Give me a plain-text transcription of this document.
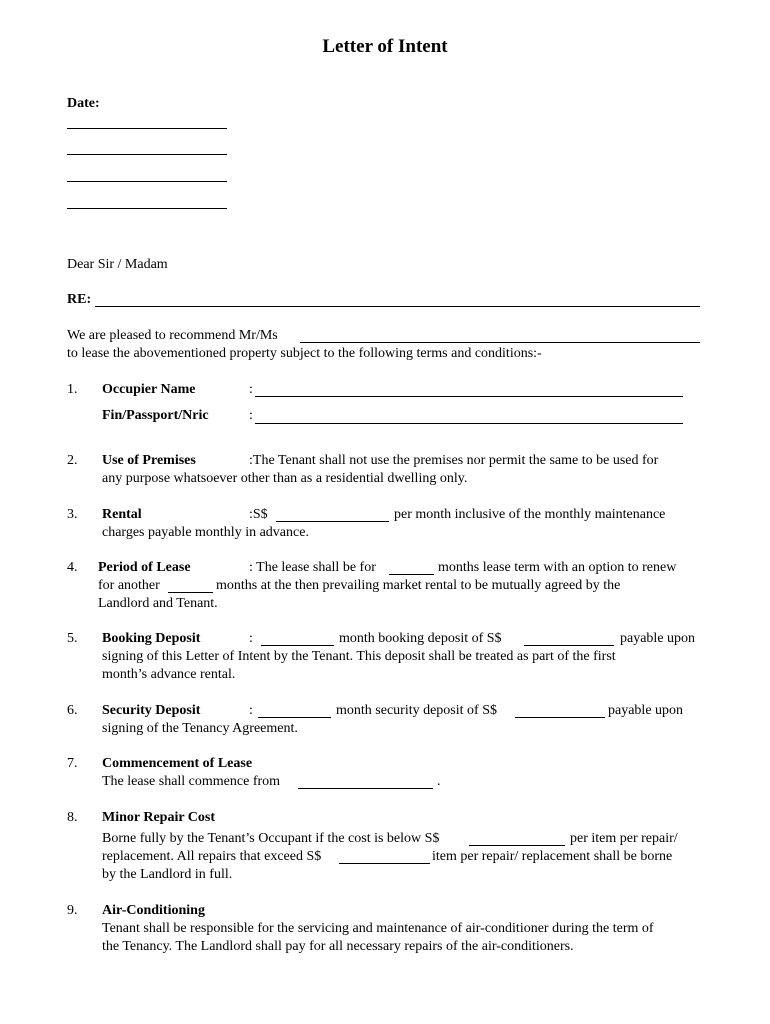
Letter of Intent
Date:
Dear Sir / Madam
RE:
We are pleased to recommend Mr/Ms
to lease the abovementioned property subject to the following terms and conditions:-
1. Occupier Name	:
Fin/Passport/Nric	:
2. Use of Premises	:The Tenant shall not use the premises nor permit the same to be used for
any purpose whatsoever other than as a residential dwelling only.
3. Rental	:S$	per month inclusive of the monthly maintenance
charges payable monthly in advance.
4. Period of Lease	: The lease shall be for	months lease term with an option to renew
for another	months at the then prevailing market rental to be mutually agreed by the
Landlord and Tenant.
5. Booking Deposit	:	month booking deposit of S$	payable upon
signing of this Letter of Intent by the Tenant. This deposit shall be treated as part of the first
month’s advance rental.
6. Security Deposit	:	month security deposit of S$	payable upon
signing of the Tenancy Agreement.
7. Commencement of Lease
The lease shall commence from	.
8. Minor Repair Cost
Borne fully by the Tenant’s Occupant if the cost is below S$	per item per repair/
replacement. All repairs that exceed S$	item per repair/ replacement shall be borne
by the Landlord in full.
9. Air-Conditioning
Tenant shall be responsible for the servicing and maintenance of air-conditioner during the term of
the Tenancy. The Landlord shall pay for all necessary repairs of the air-conditioners.
